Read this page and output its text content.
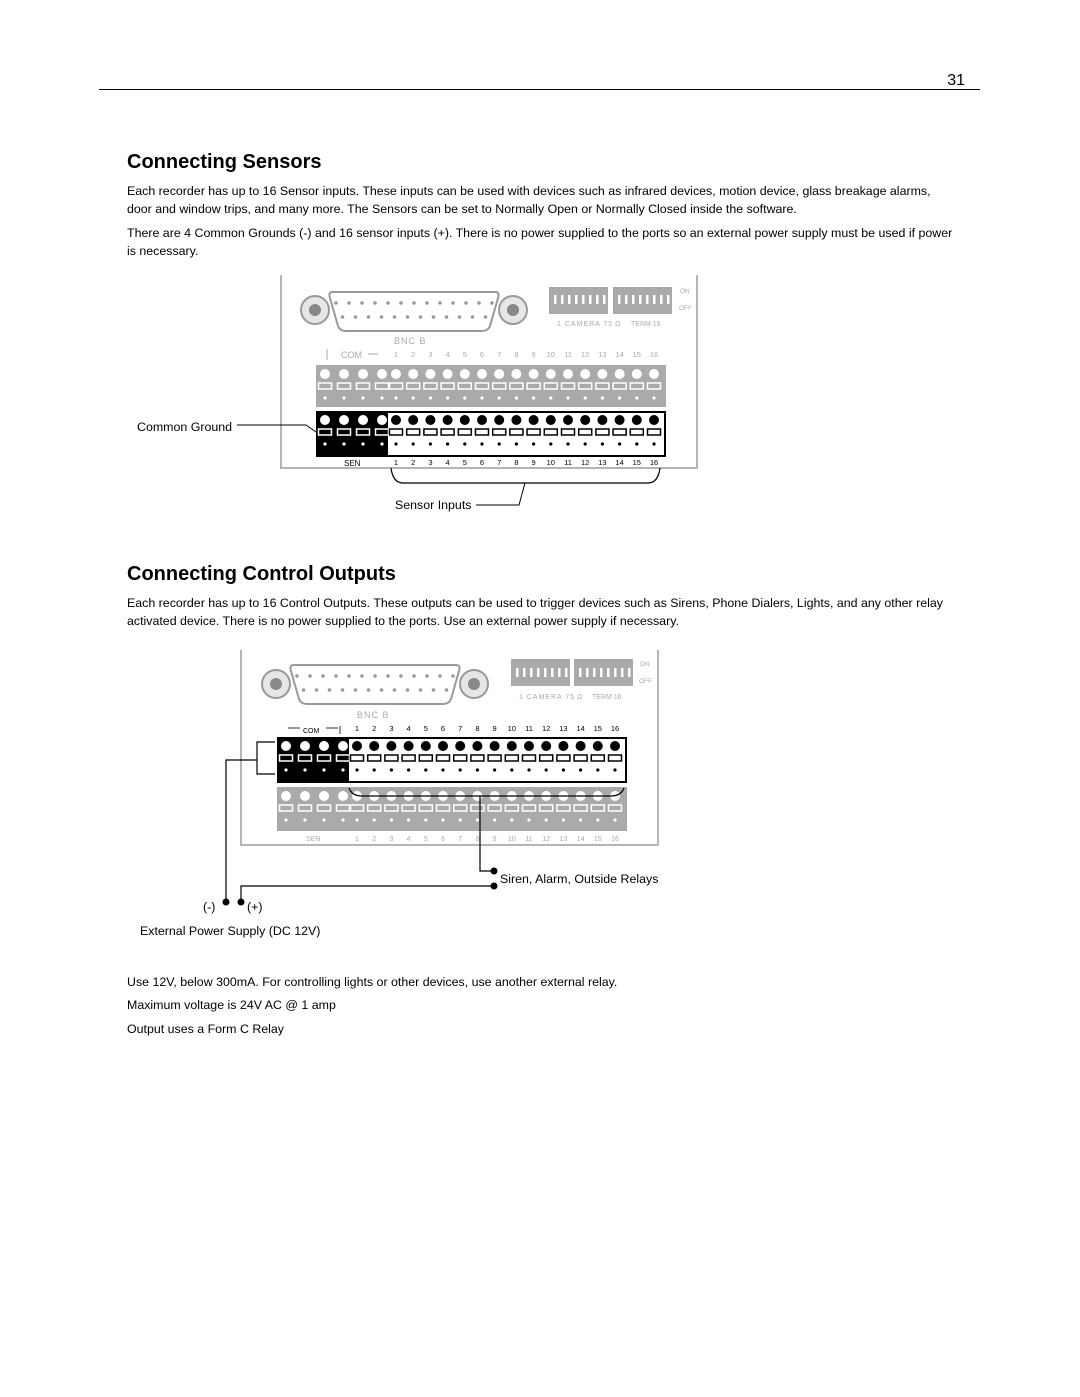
31
Connecting Sensors

Each recorder has up to 16 Sensor inputs. These inputs can be used with devices such as infrared devices, motion device, glass breakage alarms, door and window trips, and many more. The Sensors can be set to Normally Open or Normally Closed inside the software.

There are 4 Common Grounds (-) and 16 sensor inputs (+). There is no power supplied to the ports so an external power supply must be used if power is necessary.

ON
OFF
1 CAMERA 75 Ω TERM 16
BNC B
COM	1 2 3 4 5 6 7 8 9 10 11 12 13 14 15 16
SEN	1 2 3 4 5 6 7 8 9 10 11 12 13 14 15 16
Common Ground
Sensor Inputs
Connecting Control Outputs

Each recorder has up to 16 Control Outputs. These outputs can be used to trigger devices such as Sirens, Phone Dialers, Lights, and any other relay activated device. There is no power supplied to the ports. Use an external power supply if necessary.

ON
OFF
1 CAMERA 75 Ω TERM 16
BNC B
COM	1 2 3 4 5 6 7 8 9 10 11 12 13 14 15 16
SEN	1 2 3 4 5 6 7 8 9 10 11 12 13 14 15 16
Siren, Alarm, Outside Relays
(-)	(+)
External Power Supply (DC 12V)
Use 12V, below 300mA. For controlling lights or other devices, use another external relay.
Maximum voltage is 24V AC @ 1 amp
Output uses a Form C Relay
